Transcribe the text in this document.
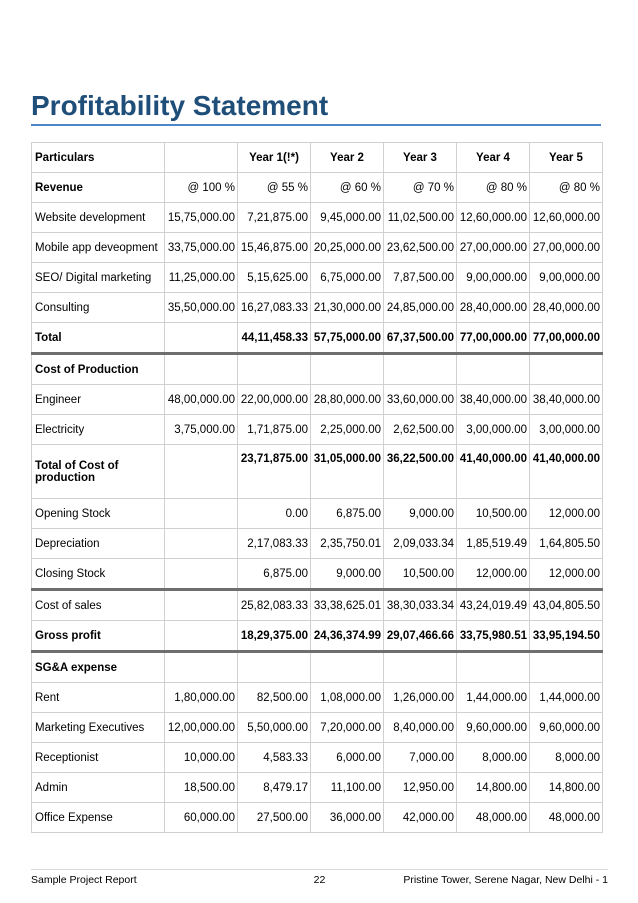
Profitability Statement
Particulars		Year 1(!*)	Year 2	Year 3	Year 4	Year 5
Revenue	@ 100 %	@ 55 %	@ 60 %	@ 70 %	@ 80 %	@ 80 %
Website development	15,75,000.00	7,21,875.00	9,45,000.00	11,02,500.00	12,60,000.00	12,60,000.00
Mobile app deveopment	33,75,000.00	15,46,875.00	20,25,000.00	23,62,500.00	27,00,000.00	27,00,000.00
SEO/ Digital marketing	11,25,000.00	5,15,625.00	6,75,000.00	7,87,500.00	9,00,000.00	9,00,000.00
Consulting	35,50,000.00	16,27,083.33	21,30,000.00	24,85,000.00	28,40,000.00	28,40,000.00
Total		44,11,458.33	57,75,000.00	67,37,500.00	77,00,000.00	77,00,000.00
Cost of Production						
Engineer	48,00,000.00	22,00,000.00	28,80,000.00	33,60,000.00	38,40,000.00	38,40,000.00
Electricity	3,75,000.00	1,71,875.00	2,25,000.00	2,62,500.00	3,00,000.00	3,00,000.00
Total of Cost of production		23,71,875.00	31,05,000.00	36,22,500.00	41,40,000.00	41,40,000.00
Opening Stock		0.00	6,875.00	9,000.00	10,500.00	12,000.00
Depreciation		2,17,083.33	2,35,750.01	2,09,033.34	1,85,519.49	1,64,805.50
Closing Stock		6,875.00	9,000.00	10,500.00	12,000.00	12,000.00
Cost of sales		25,82,083.33	33,38,625.01	38,30,033.34	43,24,019.49	43,04,805.50
Gross profit		18,29,375.00	24,36,374.99	29,07,466.66	33,75,980.51	33,95,194.50
SG&A expense						
Rent	1,80,000.00	82,500.00	1,08,000.00	1,26,000.00	1,44,000.00	1,44,000.00
Marketing Executives	12,00,000.00	5,50,000.00	7,20,000.00	8,40,000.00	9,60,000.00	9,60,000.00
Receptionist	10,000.00	4,583.33	6,000.00	7,000.00	8,000.00	8,000.00
Admin	18,500.00	8,479.17	11,100.00	12,950.00	14,800.00	14,800.00
Office Expense	60,000.00	27,500.00	36,000.00	42,000.00	48,000.00	48,000.00
Sample Project Report	22	Pristine Tower, Serene Nagar, New Delhi - 1
